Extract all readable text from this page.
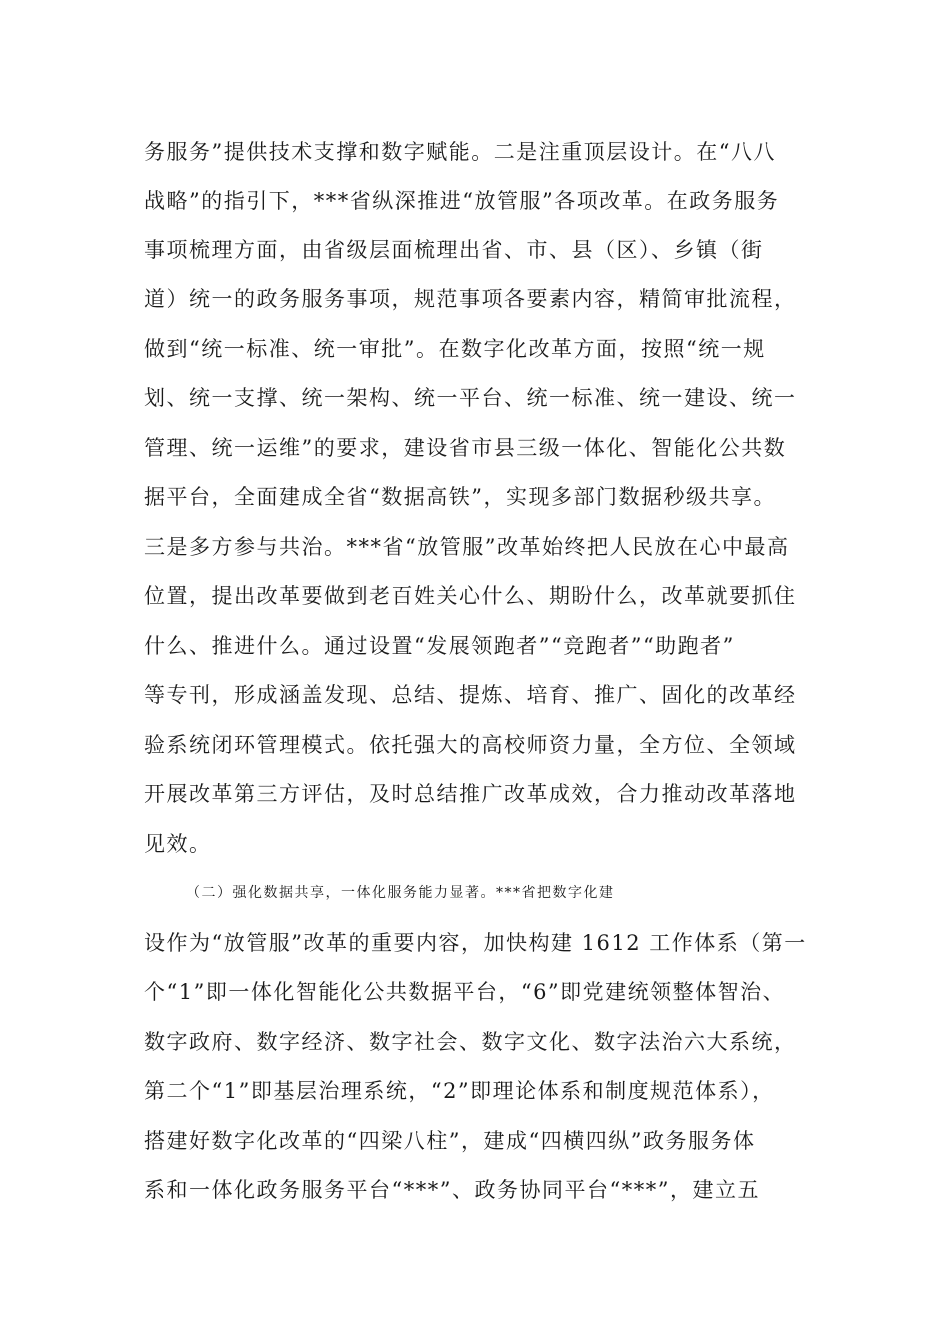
务服务”提供技术支撑和数字赋能。二是注重顶层设计。在“八八
战略”的指引下，***省纵深推进“放管服”各项改革。在政务服务
事项梳理方面，由省级层面梳理出省、市、县（区）、乡镇（街
道）统一的政务服务事项，规范事项各要素内容，精简审批流程，
做到“统一标准、统一审批”。在数字化改革方面，按照“统一规
划、统一支撑、统一架构、统一平台、统一标准、统一建设、统一
管理、统一运维”的要求，建设省市县三级一体化、智能化公共数
据平台，全面建成全省“数据高铁”，实现多部门数据秒级共享。
三是多方参与共治。***省“放管服”改革始终把人民放在心中最高
位置，提出改革要做到老百姓关心什么、期盼什么，改革就要抓住
什么、推进什么。通过设置“发展领跑者”“竞跑者”“助跑者”
等专刊，形成涵盖发现、总结、提炼、培育、推广、固化的改革经
验系统闭环管理模式。依托强大的高校师资力量，全方位、全领域
开展改革第三方评估，及时总结推广改革成效，合力推动改革落地
见效。
（二）强化数据共享，一体化服务能力显著。***省把数字化建
设作为“放管服”改革的重要内容，加快构建 1612 工作体系（第一
个“1”即一体化智能化公共数据平台，“6”即党建统领整体智治、
数字政府、数字经济、数字社会、数字文化、数字法治六大系统，
第二个“1”即基层治理系统，“2”即理论体系和制度规范体系），
搭建好数字化改革的“四梁八柱”，建成“四横四纵”政务服务体
系和一体化政务服务平台“***”、政务协同平台“***”，建立五
